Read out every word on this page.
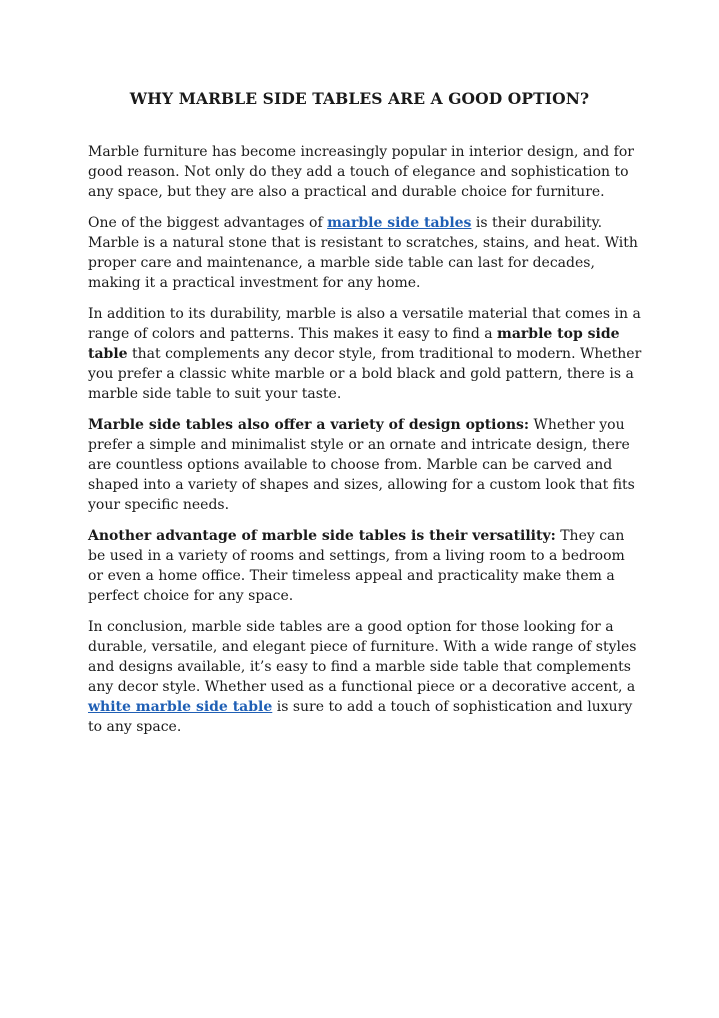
WHY MARBLE SIDE TABLES ARE A GOOD OPTION?

Marble furniture has become increasingly popular in interior design, and for good reason. Not only do they add a touch of elegance and sophistication to any space, but they are also a practical and durable choice for furniture.

One of the biggest advantages of marble side tables is their durability. Marble is a natural stone that is resistant to scratches, stains, and heat. With proper care and maintenance, a marble side table can last for decades, making it a practical investment for any home.

In addition to its durability, marble is also a versatile material that comes in a range of colors and patterns. This makes it easy to find a marble top side table that complements any decor style, from traditional to modern. Whether you prefer a classic white marble or a bold black and gold pattern, there is a marble side table to suit your taste.

Marble side tables also offer a variety of design options: Whether you prefer a simple and minimalist style or an ornate and intricate design, there are countless options available to choose from. Marble can be carved and shaped into a variety of shapes and sizes, allowing for a custom look that fits your specific needs.

Another advantage of marble side tables is their versatility: They can be used in a variety of rooms and settings, from a living room to a bedroom or even a home office. Their timeless appeal and practicality make them a perfect choice for any space.

In conclusion, marble side tables are a good option for those looking for a durable, versatile, and elegant piece of furniture. With a wide range of styles and designs available, it’s easy to find a marble side table that complements any decor style. Whether used as a functional piece or a decorative accent, a white marble side table is sure to add a touch of sophistication and luxury to any space.
